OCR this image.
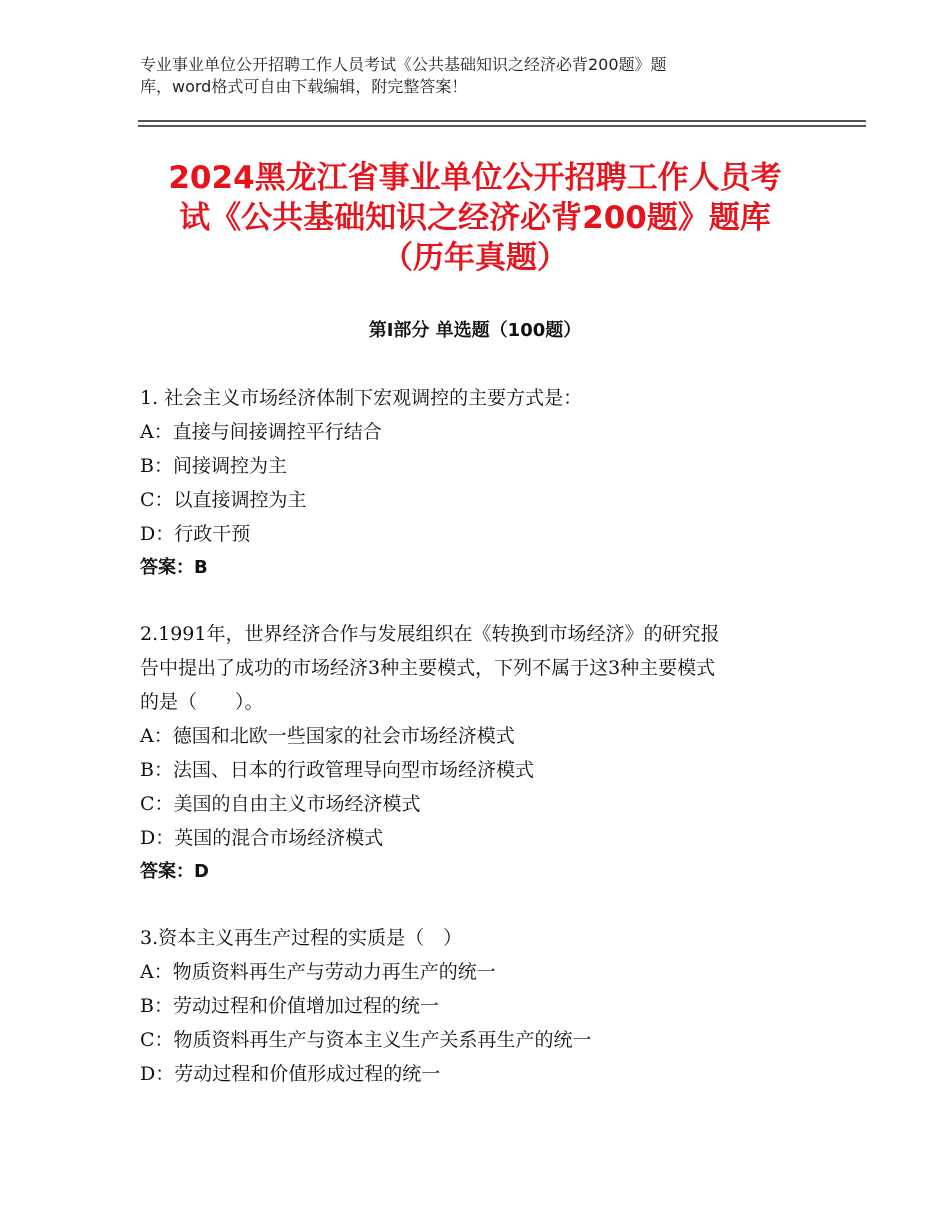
专业事业单位公开招聘工作人员考试《公共基础知识之经济必背200题》题
库，word格式可自由下载编辑，附完整答案！
2024黑龙江省事业单位公开招聘工作人员考
试《公共基础知识之经济必背200题》题库
（历年真题）
第Ⅰ部分 单选题（100题）
1. 社会主义市场经济体制下宏观调控的主要方式是：
A：直接与间接调控平行结合
B：间接调控为主
C：以直接调控为主
D：行政干预
答案：B
2.1991年，世界经济合作与发展组织在《转换到市场经济》的研究报
告中提出了成功的市场经济3种主要模式，下列不属于这3种主要模式
的是（　　）。
A：德国和北欧一些国家的社会市场经济模式
B：法国、日本的行政管理导向型市场经济模式
C：美国的自由主义市场经济模式
D：英国的混合市场经济模式
答案：D
3.资本主义再生产过程的实质是（　）
A：物质资料再生产与劳动力再生产的统一
B：劳动过程和价值增加过程的统一
C：物质资料再生产与资本主义生产关系再生产的统一
D：劳动过程和价值形成过程的统一
